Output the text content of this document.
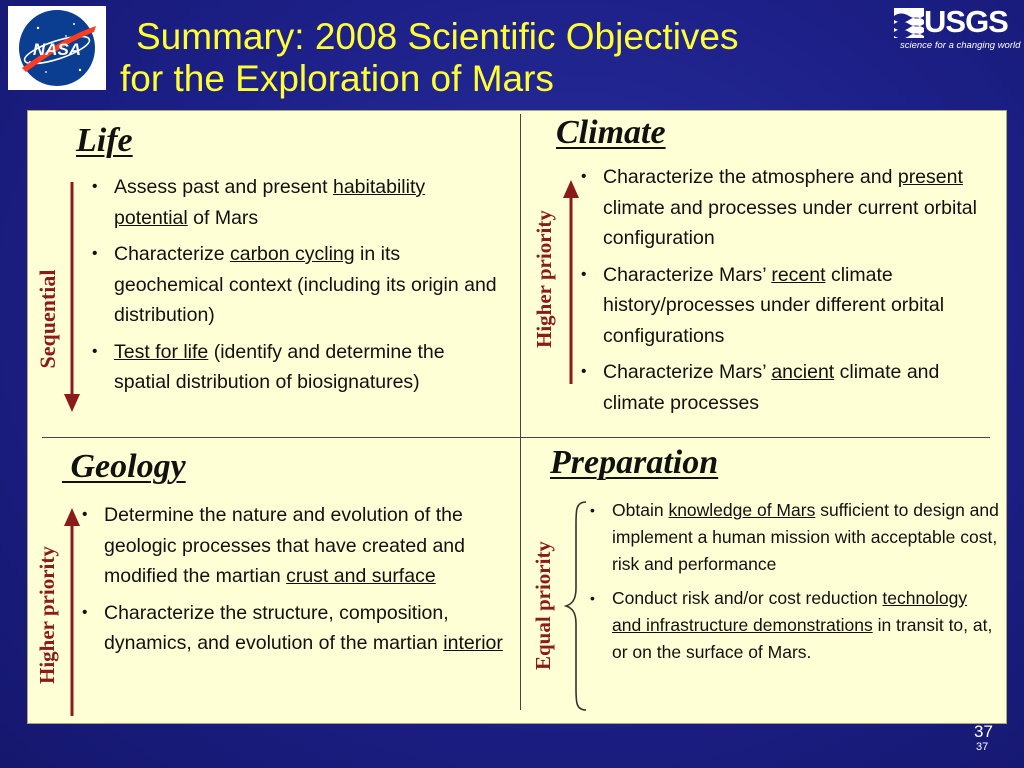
NASA
USGS
science for a changing world
Summary: 2008 Scientific Objectives
for the Exploration of Mars
Life
Sequential
• Assess past and present habitability potential of Mars
• Characterize carbon cycling in its geochemical context (including its origin and distribution)
• Test for life (identify and determine the spatial distribution of biosignatures)
Climate
Higher priority
• Characterize the atmosphere and present climate and processes under current orbital configuration
• Characterize Mars’ recent climate history/processes under different orbital configurations
• Characterize Mars’ ancient climate and climate processes
Geology
Higher priority
• Determine the nature and evolution of the geologic processes that have created and modified the martian crust and surface
• Characterize the structure, composition, dynamics, and evolution of the martian interior
Preparation
Equal priority
• Obtain knowledge of Mars sufficient to design and implement a human mission with acceptable cost, risk and performance
• Conduct risk and/or cost reduction technology and infrastructure demonstrations in transit to, at, or on the surface of Mars.
37
37
